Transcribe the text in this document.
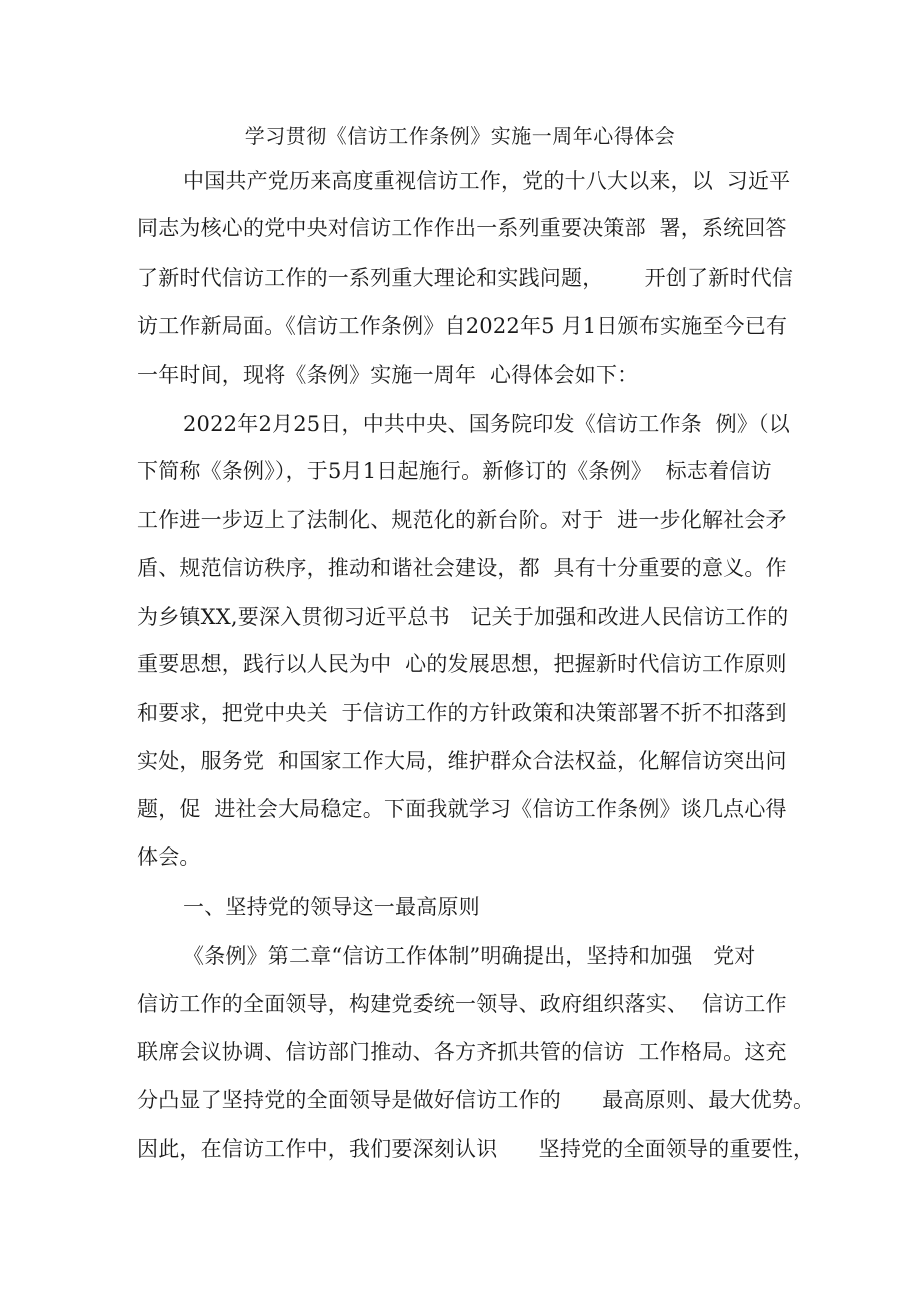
学习贯彻《信访工作条例》实施一周年心得体会
中国共产党历来高度重视信访工作，党的十八大以来，以  习近平
同志为核心的党中央对信访工作作出一系列重要决策部  署，系统回答
了新时代信访工作的一系列重大理论和实践问题，      开创了新时代信
访工作新局面。《信访工作条例》自2022年5 月1日颁布实施至今已有
一年时间，现将《条例》实施一周年  心得体会如下：
2022年2月25日，中共中央、国务院印发《信访工作条  例》（以
下简称《条例》），于5月1日起施行。新修订的《条例》  标志着信访
工作进一步迈上了法制化、规范化的新台阶。对于  进一步化解社会矛
盾、规范信访秩序，推动和谐社会建设，都  具有十分重要的意义。作
为乡镇XX,要深入贯彻习近平总书   记关于加强和改进人民信访工作的
重要思想，践行以人民为中  心的发展思想，把握新时代信访工作原则
和要求，把党中央关  于信访工作的方针政策和决策部署不折不扣落到
实处，服务党  和国家工作大局，维护群众合法权益，化解信访突出问
题，促  进社会大局稳定。下面我就学习《信访工作条例》谈几点心得
体会。
一、坚持党的领导这一最高原则
《条例》第二章“信访工作体制”明确提出，坚持和加强   党对
信访工作的全面领导，构建党委统一领导、政府组织落实、  信访工作
联席会议协调、信访部门推动、各方齐抓共管的信访  工作格局。这充
分凸显了坚持党的全面领导是做好信访工作的      最高原则、最大优势。
因此，在信访工作中，我们要深刻认识      坚持党的全面领导的重要性，
